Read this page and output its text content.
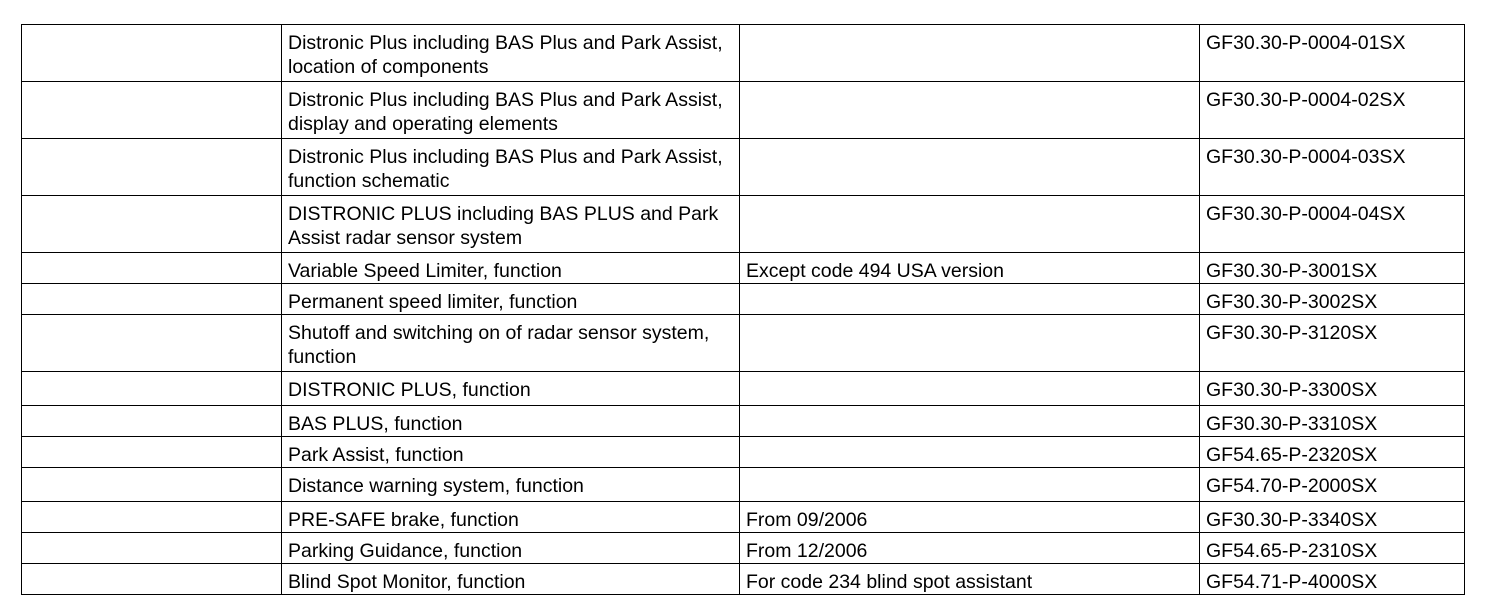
	Distronic Plus including BAS Plus and Park Assist, location of components		GF30.30-P-0004-01SX
	Distronic Plus including BAS Plus and Park Assist, display and operating elements		GF30.30-P-0004-02SX
	Distronic Plus including BAS Plus and Park Assist, function schematic		GF30.30-P-0004-03SX
	DISTRONIC PLUS including BAS PLUS and Park Assist radar sensor system		GF30.30-P-0004-04SX
	Variable Speed Limiter, function	Except code 494 USA version	GF30.30-P-3001SX
	Permanent speed limiter, function		GF30.30-P-3002SX
	Shutoff and switching on of radar sensor system, function		GF30.30-P-3120SX
	DISTRONIC PLUS, function		GF30.30-P-3300SX
	BAS PLUS, function		GF30.30-P-3310SX
	Park Assist, function		GF54.65-P-2320SX
	Distance warning system, function		GF54.70-P-2000SX
	PRE-SAFE brake, function	From 09/2006	GF30.30-P-3340SX
	Parking Guidance, function	From 12/2006	GF54.65-P-2310SX
	Blind Spot Monitor, function	For code 234 blind spot assistant	GF54.71-P-4000SX
